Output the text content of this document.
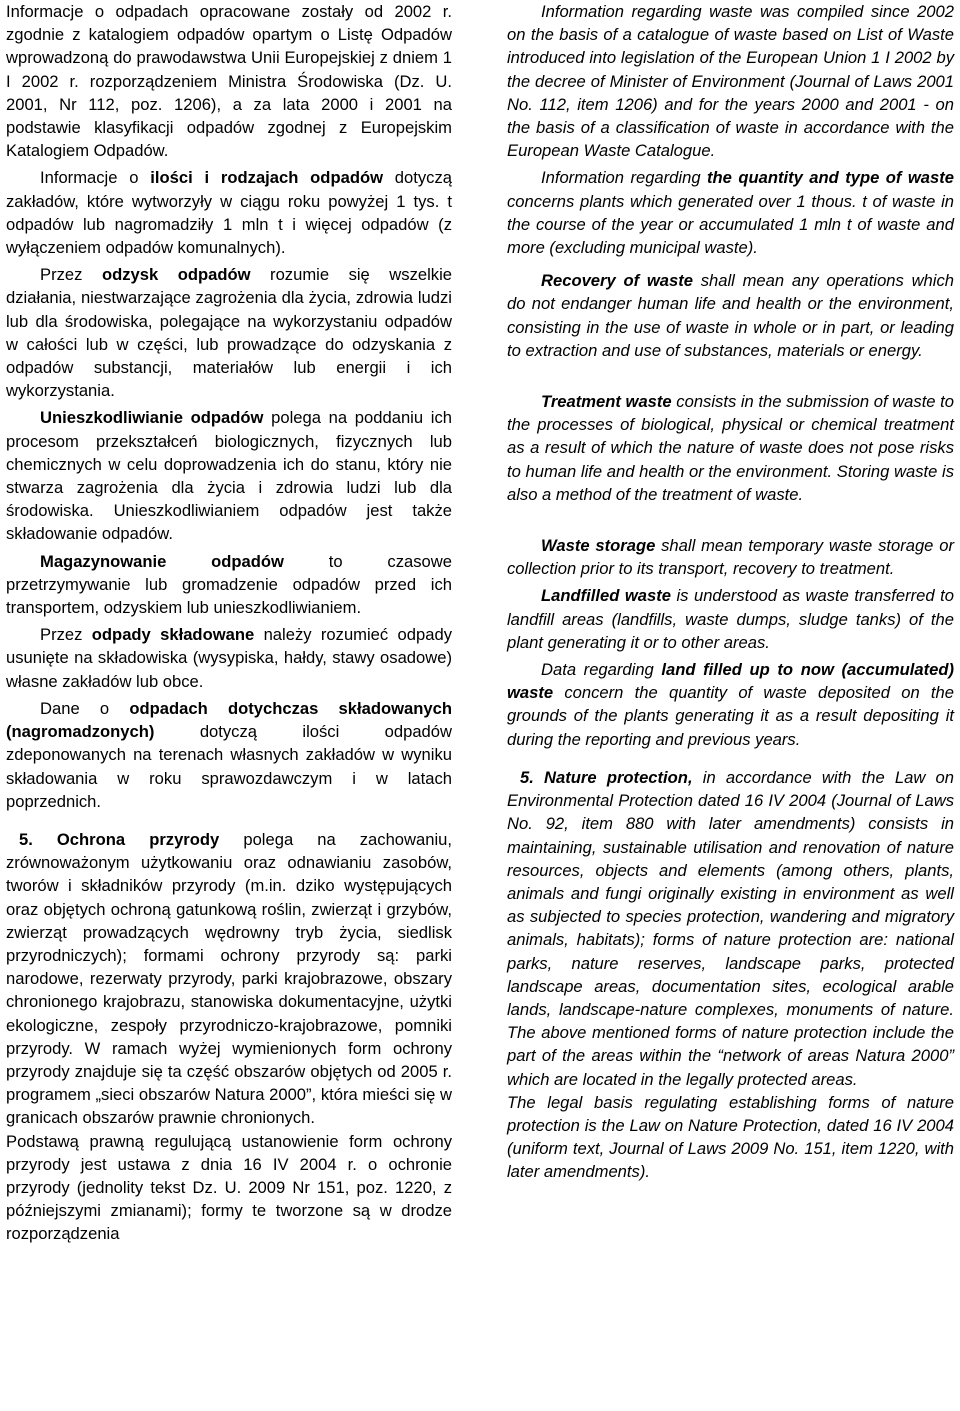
Informacje o odpadach opracowane zostały od 2002 r. zgodnie z katalogiem odpadów opartym o Listę Odpadów wprowadzoną do prawodawstwa Unii Europejskiej z dniem 1 I 2002 r. rozporządzeniem Ministra Środowiska (Dz. U. 2001, Nr 112, poz. 1206), a za lata 2000 i 2001 na podstawie klasyfikacji odpadów zgodnej z Europejskim Katalogiem Odpadów.

Informacje o ilości i rodzajach odpadów dotyczą zakładów, które wytworzyły w ciągu roku powyżej 1 tys. t odpadów lub nagromadziły 1 mln t i więcej odpadów (z wyłączeniem odpadów komunalnych).

Przez odzysk odpadów rozumie się wszelkie działania, niestwarzające zagrożenia dla życia, zdrowia ludzi lub dla środowiska, polegające na wykorzystaniu odpadów w całości lub w części, lub prowadzące do odzyskania z odpadów substancji, materiałów lub energii i ich wykorzystania.

Unieszkodliwianie odpadów polega na poddaniu ich procesom przekształceń biologicznych, fizycznych lub chemicznych w celu doprowadzenia ich do stanu, który nie stwarza zagrożenia dla życia i zdrowia ludzi lub dla środowiska. Unieszkodliwianiem odpadów jest także składowanie odpadów.

Magazynowanie odpadów to czasowe przetrzymywanie lub gromadzenie odpadów przed ich transportem, odzyskiem lub unieszkodliwianiem.

Przez odpady składowane należy rozumieć odpady usunięte na składowiska (wysypiska, hałdy, stawy osadowe) własne zakładów lub obce.

Dane o odpadach dotychczas składowanych (nagromadzonych) dotyczą ilości odpadów zdeponowanych na terenach własnych zakładów w wyniku składowania w roku sprawozdawczym i w latach poprzednich.

5. Ochrona przyrody polega na zachowaniu, zrównoważonym użytkowaniu oraz odnawianiu zasobów, tworów i składników przyrody (m.in. dziko występujących oraz objętych ochroną gatunkową roślin, zwierząt i grzybów, zwierząt prowadzących wędrowny tryb życia, siedlisk przyrodniczych); formami ochrony przyrody są: parki narodowe, rezerwaty przyrody, parki krajobrazowe, obszary chronionego krajobrazu, stanowiska dokumentacyjne, użytki ekologiczne, zespoły przyrodniczo-krajobrazowe, pomniki przyrody. W ramach wyżej wymienionych form ochrony przyrody znajduje się ta część obszarów objętych od 2005 r. programem „sieci obszarów Natura 2000”, która mieści się w granicach obszarów prawnie chronionych.

Podstawą prawną regulującą ustanowienie form ochrony przyrody jest ustawa z dnia 16 IV 2004 r. o ochronie przyrody (jednolity tekst Dz. U. 2009 Nr 151, poz. 1220, z późniejszymi zmianami); formy te tworzone są w drodze rozporządzenia

Information regarding waste was compiled since 2002 on the basis of a catalogue of waste based on List of Waste introduced into legislation of the European Union 1 I 2002 by the decree of Minister of Environment (Journal of Laws 2001 No. 112, item 1206) and for the years 2000 and 2001 - on the basis of a classification of waste in accordance with the European Waste Catalogue.

Information regarding the quantity and type of waste concerns plants which generated over 1 thous. t of waste in the course of the year or accumulated 1 mln t of waste and more (excluding municipal waste).

Recovery of waste shall mean any operations which do not endanger human life and health or the environment, consisting in the use of waste in whole or in part, or leading to extraction and use of substances, materials or energy.

Treatment waste consists in the submission of waste to the processes of biological, physical or chemical treatment as a result of which the nature of waste does not pose risks to human life and health or the environment. Storing waste is also a method of the treatment of waste.

Waste storage shall mean temporary waste storage or collection prior to its transport, recovery to treatment.

Landfilled waste is understood as waste transferred to landfill areas (landfills, waste dumps, sludge tanks) of the plant generating it or to other areas.

Data regarding land filled up to now (accumulated) waste concern the quantity of waste deposited on the grounds of the plants generating it as a result depositing it during the reporting and previous years.

5. Nature protection, in accordance with the Law on Environmental Protection dated 16 IV 2004 (Journal of Laws No. 92, item 880 with later amendments) consists in maintaining, sustainable utilisation and renovation of nature resources, objects and elements (among others, plants, animals and fungi originally existing in environment as well as subjected to species protection, wandering and migratory animals, habitats); forms of nature protection are: national parks, nature reserves, landscape parks, protected landscape areas, documentation sites, ecological arable lands, landscape-nature complexes, monuments of nature. The above mentioned forms of nature protection include the part of the areas within the “network of areas Natura 2000” which are located in the legally protected areas.

The legal basis regulating establishing forms of nature protection is the Law on Nature Protection, dated 16 IV 2004 (uniform text, Journal of Laws 2009 No. 151, item 1220, with later amendments).
